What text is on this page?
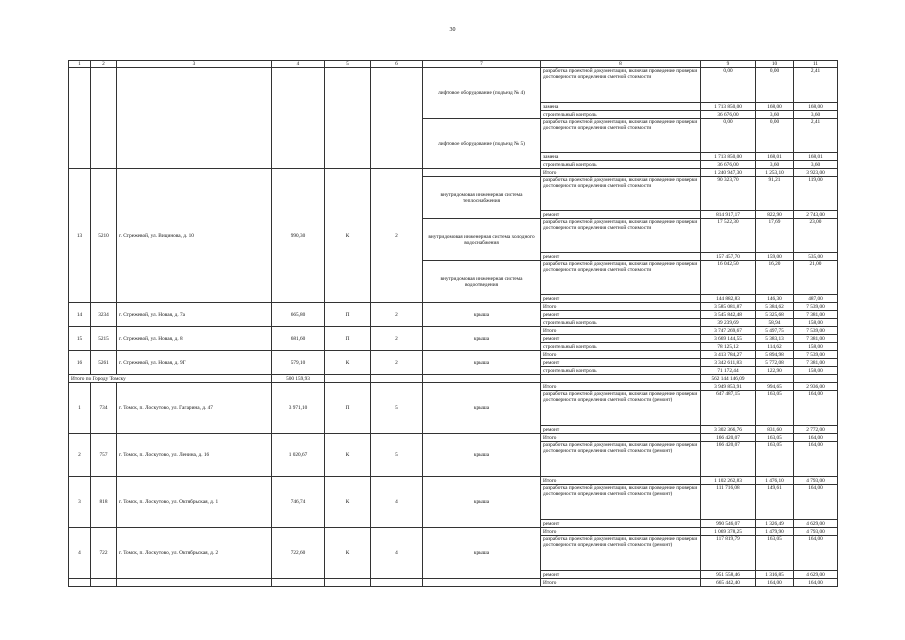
30
1	2	3	4	5	6	7	8	9	10	11
						лифтовое оборудование (подъезд № 4)	разработка проектной документации, включая проведение проверки достоверности определения сметной стоимости	0,00	0,00	2,41
							замена	1 713 850,00	168,00	168,00
							строительный контроль	36 676,00	3,60	3,60
						лифтовое оборудование (подъезд № 5)	разработка проектной документации, включая проведение проверки достоверности определения сметной стоимости	0,00	0,00	2,41
							замена	1 713 850,00	168,01	168,01
							строительный контроль	36 676,00	3,60	3,60
13	5210	г. Стрежевой, ул. Вицинова, д. 10	990,30	К	2		Итого	1 240 947,30	1 253,10	3 923,00
						внутридомовая инженерная система теплоснабжения	разработка проектной документации, включая проведение проверки достоверности определения сметной стоимости	90 323,70	91,21	119,00
							ремонт	814 917,17	822,90	2 743,00
						внутридомовая инженерная система холодного водоснабжения	разработка проектной документации, включая проведение проверки достоверности определения сметной стоимости	17 522,30	17,69	23,00
							ремонт	157 457,70	159,00	535,00
						внутридомовая инженерная система водоотведения	разработка проектной документации, включая проведение проверки достоверности определения сметной стоимости	16 042,50	16,20	21,00
							ремонт	144 882,83	146,30	487,00
14	3234	г. Стрежевой, ул. Новая, д. 7а	665,80	П	2	крыша	Итого	3 585 081,87	5 384,62	7 539,00
							ремонт	3 545 842,48	5 325,68	7 381,00
							строительный контроль	39 239,69	58,94	158,00
15	5215	г. Стрежевой, ул. Новая, д. 8	681,60	П	2	крыша	Итого	3 747 269,67	5 497,75	7 539,00
							ремонт	3 669 144,55	5 383,13	7 381,00
							строительный контроль	78 125,12	114,62	158,00
16	5261	г. Стрежевой, ул. Новая, д. 9Г	579,10	К	2	крыша	Итого	3 413 784,27	5 894,98	7 539,00
							ремонт	3 342 611,83	5 772,08	7 381,00
							строительный контроль	71 172,44	122,90	158,00
Итого по Городу Томску			500 159,93					562 144 146,09		
1	734	г. Томск, п. Лоскутово, ул. Гагарина, д. 47	3 971,10	П	5	крыша	Итого	3 949 853,91	994,65	2 936,00
							разработка проектной документации, включая проведение проверки достоверности определения сметной стоимости (ремонт)	647 487,15	163,05	164,00
							ремонт	3 302 366,76	831,60	2 772,00
2	757	г. Томск, п. Лоскутово, ул. Ленина, д. 16	1 020,67	К	5	крыша	Итого	166 420,07	163,05	164,00
							разработка проектной документации, включая проведение проверки достоверности определения сметной стоимости (ремонт)	166 420,07	163,05	164,00
3	818	г. Томск, п. Лоскутово, ул. Октябрьская, д. 1	746,74	К	4	крыша	Итого	1 102 262,83	1 476,10	4 793,00
							разработка проектной документации, включая проведение проверки достоверности определения сметной стоимости (ремонт)	111 716,08	149,61	164,00
							ремонт	990 546,07	1 326,49	4 629,00
4	722	г. Томск, п. Лоскутово, ул. Октябрьская, д. 2	722,60	К	4	крыша	Итого	1 069 378,25	1 479,90	4 793,00
							разработка проектной документации, включая проведение проверки достоверности определения сметной стоимости (ремонт)	117 819,79	163,05	164,00
							ремонт	951 558,46	1 316,85	4 629,00
							Итого	665 442,40	164,00	164,00
